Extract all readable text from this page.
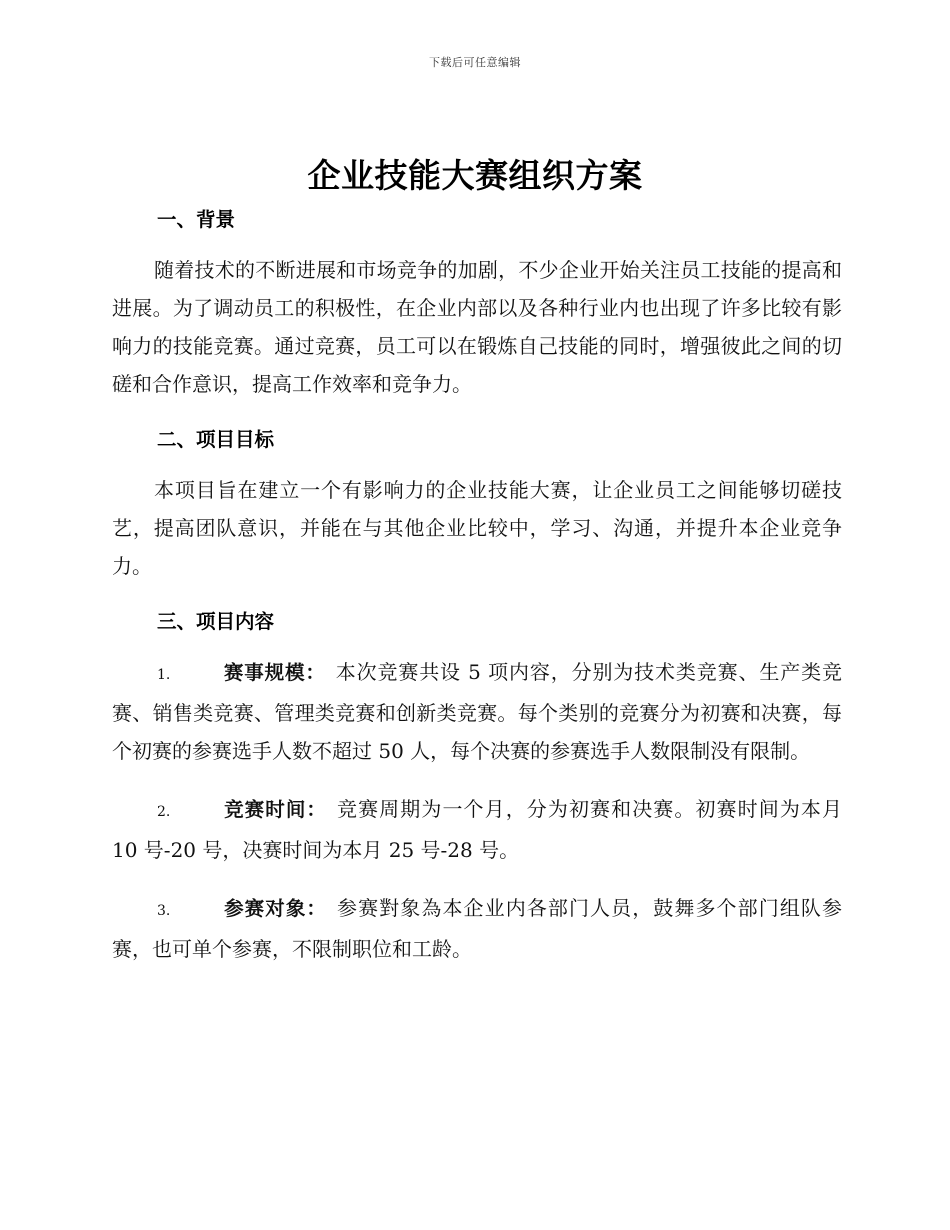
下载后可任意编辑
企业技能大赛组织方案
一、背景

随着技术的不断进展和市场竞争的加剧，不少企业开始关注员工技能的提高和进展。为了调动员工的积极性，在企业内部以及各种行业内也出现了许多比较有影响力的技能竞赛。通过竞赛，员工可以在锻炼自己技能的同时，增强彼此之间的切磋和合作意识，提高工作效率和竞争力。

二、项目目标

本项目旨在建立一个有影响力的企业技能大赛，让企业员工之间能够切磋技艺，提高团队意识，并能在与其他企业比较中，学习、沟通，并提升本企业竞争力。

三、项目内容

1.	赛事规模： 本次竞赛共设 5 项内容，分别为技术类竞赛、生产类竞赛、销售类竞赛、管理类竞赛和创新类竞赛。每个类别的竞赛分为初赛和决赛，每个初赛的参赛选手人数不超过 50 人，每个决赛的参赛选手人数限制没有限制。

2.	竞赛时间： 竞赛周期为一个月，分为初赛和决赛。初赛时间为本月 10 号-20 号，决赛时间为本月 25 号-28 号。

3.	参赛对象： 参赛對象為本企业内各部门人员，鼓舞多个部门组队参赛，也可单个参赛，不限制职位和工龄。
